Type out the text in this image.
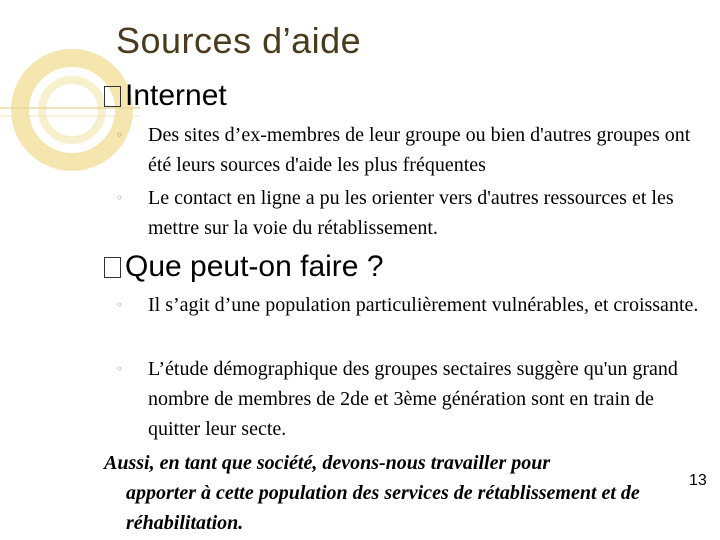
Sources d’aide
Internet
◦ Des sites d’ex-membres de leur groupe ou bien d'autres groupes ont été leurs sources d'aide les plus fréquentes
◦ Le contact en ligne a pu les orienter vers d'autres ressources et les mettre sur la voie du rétablissement.
Que peut-on faire ?
◦ Il s’agit d’une population particulièrement vulnérables, et croissante.
◦ L’étude démographique des groupes sectaires suggère qu'un grand nombre de membres de 2de et 3ème génération sont en train de quitter leur secte.
Aussi, en tant que société, devons-nous travailler pour
apporter à cette population des services de rétablissement et de réhabilitation.
13
